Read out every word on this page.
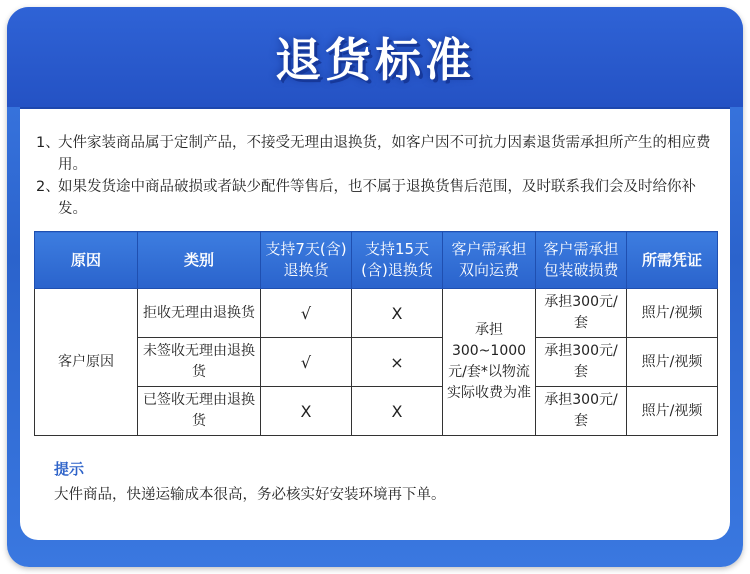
退货标准
1、
大件家装商品属于定制产品，不接受无理由退换货，如客户因不可抗力因素退货需承担所产生的相应费用。
2、
如果发货途中商品破损或者缺少配件等售后，也不属于退换货售后范围，及时联系我们会及时给你补发。
原因	类别	支持7天(含)退换货	支持15天(含)退换货	客户需承担双向运费	客户需承担包装破损费	所需凭证
客户原因	拒收无理由退换货	√	X	承担300~1000元/套*以物流实际收费为准	承担300元/套	照片/视频
	未签收无理由退换货	√	×		承担300元/套	照片/视频
	已签收无理由退换货	X	X		承担300元/套	照片/视频
提示
大件商品，快递运输成本很高，务必核实好安装环境再下单。
